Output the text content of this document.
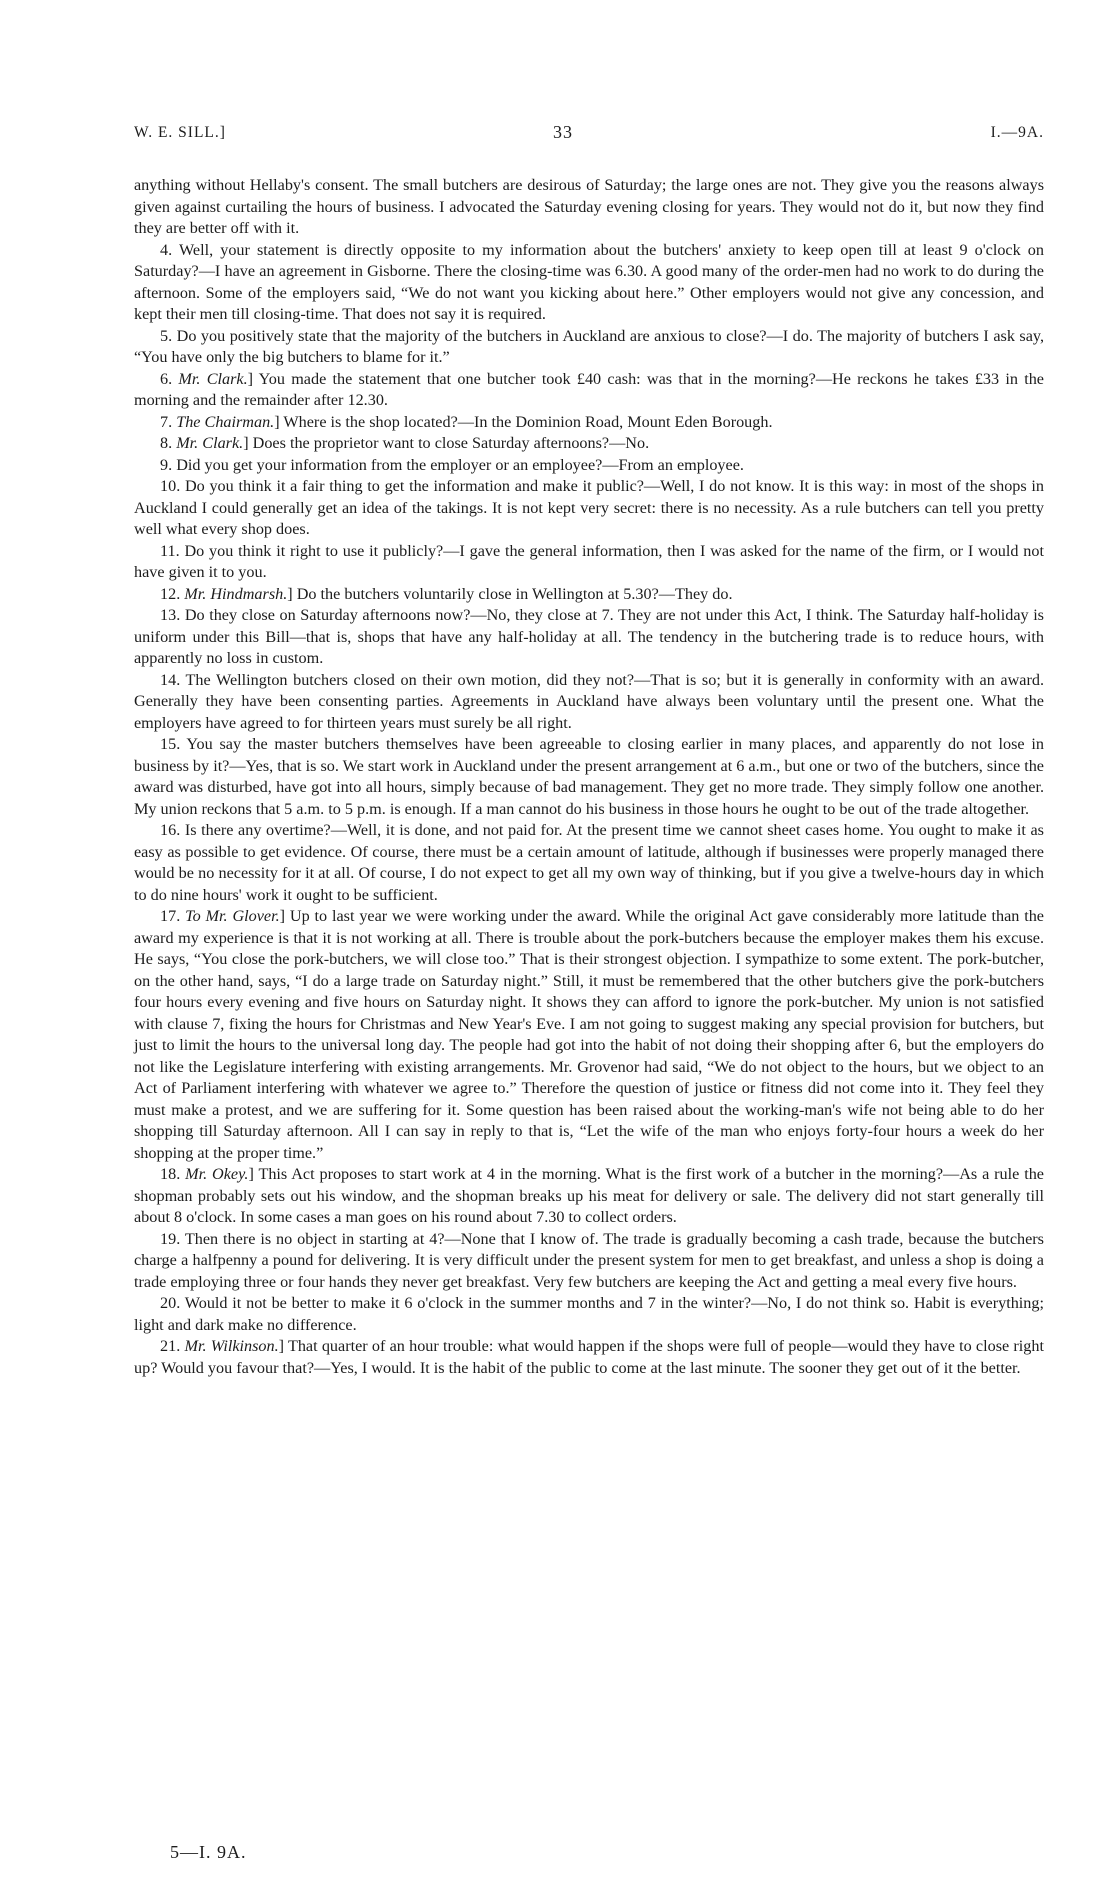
W. E. SILL.]	33	I.—9A.

anything without Hellaby's consent. The small butchers are desirous of Saturday; the large ones are not. They give you the reasons always given against curtailing the hours of business. I advocated the Saturday evening closing for years. They would not do it, but now they find they are better off with it.

4. Well, your statement is directly opposite to my information about the butchers' anxiety to keep open till at least 9 o'clock on Saturday?—I have an agreement in Gisborne. There the closing-time was 6.30. A good many of the order-men had no work to do during the afternoon. Some of the employers said, “We do not want you kicking about here.” Other employers would not give any concession, and kept their men till closing-time. That does not say it is required.

5. Do you positively state that the majority of the butchers in Auckland are anxious to close?—I do. The majority of butchers I ask say, “You have only the big butchers to blame for it.”

6. Mr. Clark.] You made the statement that one butcher took £40 cash: was that in the morning?—He reckons he takes £33 in the morning and the remainder after 12.30.

7. The Chairman.] Where is the shop located?—In the Dominion Road, Mount Eden Borough.

8. Mr. Clark.] Does the proprietor want to close Saturday afternoons?—No.

9. Did you get your information from the employer or an employee?—From an employee.

10. Do you think it a fair thing to get the information and make it public?—Well, I do not know. It is this way: in most of the shops in Auckland I could generally get an idea of the takings. It is not kept very secret: there is no necessity. As a rule butchers can tell you pretty well what every shop does.

11. Do you think it right to use it publicly?—I gave the general information, then I was asked for the name of the firm, or I would not have given it to you.

12. Mr. Hindmarsh.] Do the butchers voluntarily close in Wellington at 5.30?—They do.

13. Do they close on Saturday afternoons now?—No, they close at 7. They are not under this Act, I think. The Saturday half-holiday is uniform under this Bill—that is, shops that have any half-holiday at all. The tendency in the butchering trade is to reduce hours, with apparently no loss in custom.

14. The Wellington butchers closed on their own motion, did they not?—That is so; but it is generally in conformity with an award. Generally they have been consenting parties. Agreements in Auckland have always been voluntary until the present one. What the employers have agreed to for thirteen years must surely be all right.

15. You say the master butchers themselves have been agreeable to closing earlier in many places, and apparently do not lose in business by it?—Yes, that is so. We start work in Auckland under the present arrangement at 6 a.m., but one or two of the butchers, since the award was disturbed, have got into all hours, simply because of bad management. They get no more trade. They simply follow one another. My union reckons that 5 a.m. to 5 p.m. is enough. If a man cannot do his business in those hours he ought to be out of the trade altogether.

16. Is there any overtime?—Well, it is done, and not paid for. At the present time we cannot sheet cases home. You ought to make it as easy as possible to get evidence. Of course, there must be a certain amount of latitude, although if businesses were properly managed there would be no necessity for it at all. Of course, I do not expect to get all my own way of thinking, but if you give a twelve-hours day in which to do nine hours' work it ought to be sufficient.

17. To Mr. Glover.] Up to last year we were working under the award. While the original Act gave considerably more latitude than the award my experience is that it is not working at all. There is trouble about the pork-butchers because the employer makes them his excuse. He says, “You close the pork-butchers, we will close too.” That is their strongest objection. I sympathize to some extent. The pork-butcher, on the other hand, says, “I do a large trade on Saturday night.” Still, it must be remembered that the other butchers give the pork-butchers four hours every evening and five hours on Saturday night. It shows they can afford to ignore the pork-butcher. My union is not satisfied with clause 7, fixing the hours for Christmas and New Year's Eve. I am not going to suggest making any special provision for butchers, but just to limit the hours to the universal long day. The people had got into the habit of not doing their shopping after 6, but the employers do not like the Legislature interfering with existing arrangements. Mr. Grovenor had said, “We do not object to the hours, but we object to an Act of Parliament interfering with whatever we agree to.” Therefore the question of justice or fitness did not come into it. They feel they must make a protest, and we are suffering for it. Some question has been raised about the working-man's wife not being able to do her shopping till Saturday afternoon. All I can say in reply to that is, “Let the wife of the man who enjoys forty-four hours a week do her shopping at the proper time.”

18. Mr. Okey.] This Act proposes to start work at 4 in the morning. What is the first work of a butcher in the morning?—As a rule the shopman probably sets out his window, and the shopman breaks up his meat for delivery or sale. The delivery did not start generally till about 8 o'clock. In some cases a man goes on his round about 7.30 to collect orders.

19. Then there is no object in starting at 4?—None that I know of. The trade is gradually becoming a cash trade, because the butchers charge a halfpenny a pound for delivering. It is very difficult under the present system for men to get breakfast, and unless a shop is doing a trade employing three or four hands they never get breakfast. Very few butchers are keeping the Act and getting a meal every five hours.

20. Would it not be better to make it 6 o'clock in the summer months and 7 in the winter?—No, I do not think so. Habit is everything; light and dark make no difference.

21. Mr. Wilkinson.] That quarter of an hour trouble: what would happen if the shops were full of people—would they have to close right up? Would you favour that?—Yes, I would. It is the habit of the public to come at the last minute. The sooner they get out of it the better.

5—I. 9A.
